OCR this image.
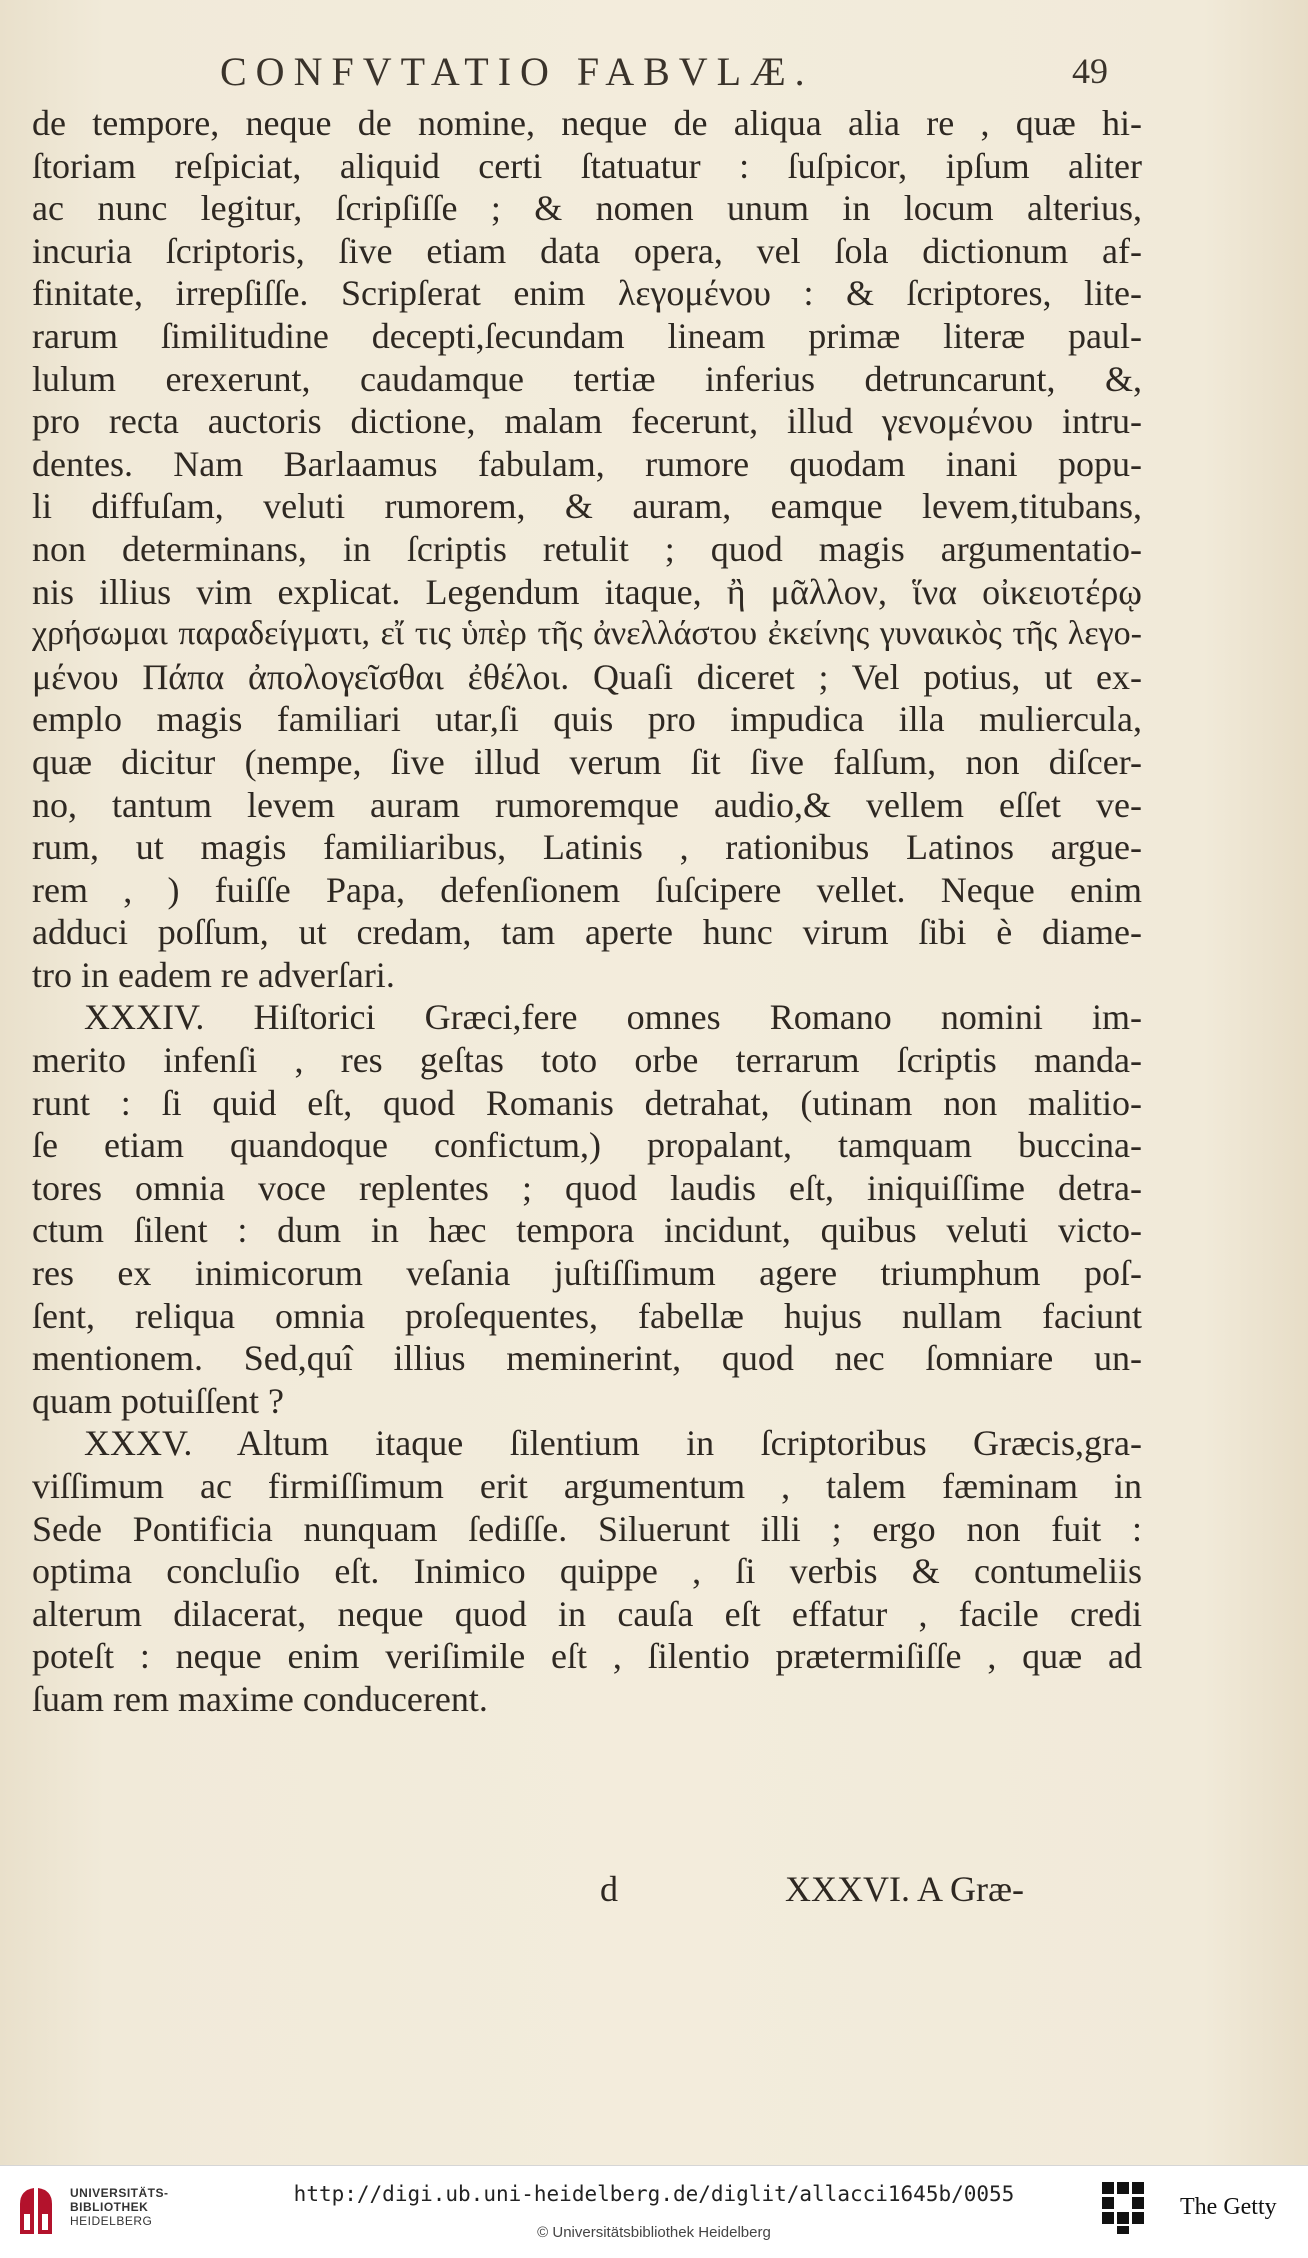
CONFVTATIO FABVLÆ.	49
de tempore, neque de nomine, neque de aliqua alia re , quæ hi-
ſtoriam reſpiciat, aliquid certi ſtatuatur : ſuſpicor, ipſum aliter
ac nunc legitur, ſcripſiſſe ; & nomen unum in locum alterius,
incuria ſcriptoris, ſive etiam data opera, vel ſola dictionum af-
finitate, irrepſiſſe. Scripſerat enim λεγομένου : & ſcriptores, lite-
rarum ſimilitudine decepti,ſecundam lineam primæ literæ paul-
lulum erexerunt, caudamque tertiæ inferius detruncarunt, &,
pro recta auctoris dictione, malam fecerunt, illud γενομένου intru-
dentes. Nam Barlaamus fabulam, rumore quodam inani popu-
li diffuſam, veluti rumorem, & auram, eamque levem,titubans,
non determinans, in ſcriptis retulit ; quod magis argumentatio-
nis illius vim explicat. Legendum itaque, ἢ μᾶλλον, ἵνα οἰκειοτέρῳ
χρήσωμαι παραδείγματι, εἴ τις ὑπὲρ τῆς ἀνελλάστου ἐκείνης γυναικὸς τῆς λεγο-
μένου Πάπα ἀπολογεῖσθαι ἐθέλοι. Quaſi diceret ; Vel potius, ut ex-
emplo magis familiari utar,ſi quis pro impudica illa muliercula,
quæ dicitur (nempe, ſive illud verum ſit ſive falſum, non diſcer-
no, tantum levem auram rumoremque audio,& vellem eſſet ve-
rum, ut magis familiaribus, Latinis , rationibus Latinos argue-
rem , ) fuiſſe Papa, defenſionem ſuſcipere vellet. Neque enim
adduci poſſum, ut credam, tam aperte hunc virum ſibi è diame-
tro in eadem re adverſari.
XXXIV. Hiſtorici Græci,fere omnes Romano nomini im-
merito infenſi , res geſtas toto orbe terrarum ſcriptis manda-
runt : ſi quid eſt, quod Romanis detrahat, (utinam non malitio-
ſe etiam quandoque confictum,) propalant, tamquam buccina-
tores omnia voce replentes ; quod laudis eſt, iniquiſſime detra-
ctum ſilent : dum in hæc tempora incidunt, quibus veluti victo-
res ex inimicorum veſania juſtiſſimum agere triumphum poſ-
ſent, reliqua omnia proſequentes, fabellæ hujus nullam faciunt
mentionem. Sed,quî illius meminerint, quod nec ſomniare un-
quam potuiſſent ?
XXXV. Altum itaque ſilentium in ſcriptoribus Græcis,gra-
viſſimum ac firmiſſimum erit argumentum , talem fæminam in
Sede Pontificia nunquam ſediſſe. Siluerunt illi ; ergo non fuit :
optima concluſio eſt. Inimico quippe , ſi verbis & contumeliis
alterum dilacerat, neque quod in cauſa eſt effatur , facile credi
poteſt : neque enim veriſimile eſt , ſilentio prætermiſiſſe , quæ ad
ſuam rem maxime conducerent.
d	XXXVI. A Græ-
UNIVERSITÄTS-
BIBLIOTHEK
HEIDELBERG
http://digi.ub.uni-heidelberg.de/diglit/allacci1645b/0055
© Universitätsbibliothek Heidelberg
The Getty
